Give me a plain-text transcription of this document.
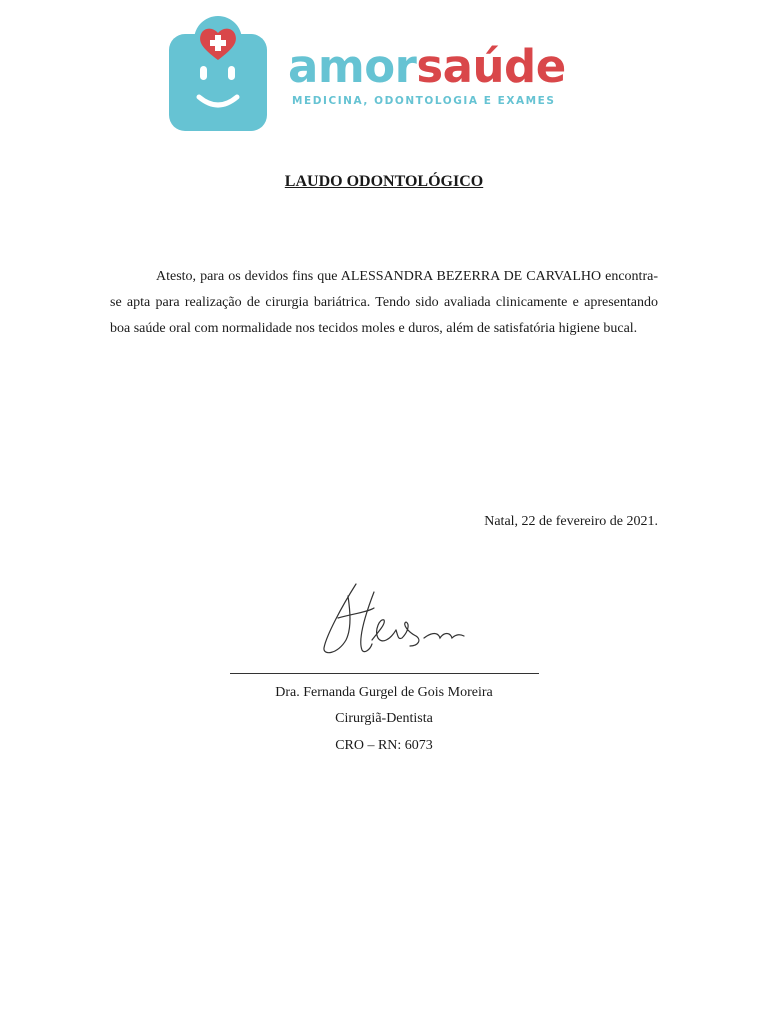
amorsaúde
MEDICINA, ODONTOLOGIA E EXAMES
LAUDO ODONTOLÓGICO

Atesto, para os devidos fins que ALESSANDRA BEZERRA DE CARVALHO encontra-se apta para realização de cirurgia bariátrica. Tendo sido avaliada clinicamente e apresentando boa saúde oral com normalidade nos tecidos moles e duros, além de satisfatória higiene bucal.

Natal, 22 de fevereiro de 2021.
Dra. Fernanda Gurgel de Gois Moreira
Cirurgiã-Dentista
CRO – RN: 6073
